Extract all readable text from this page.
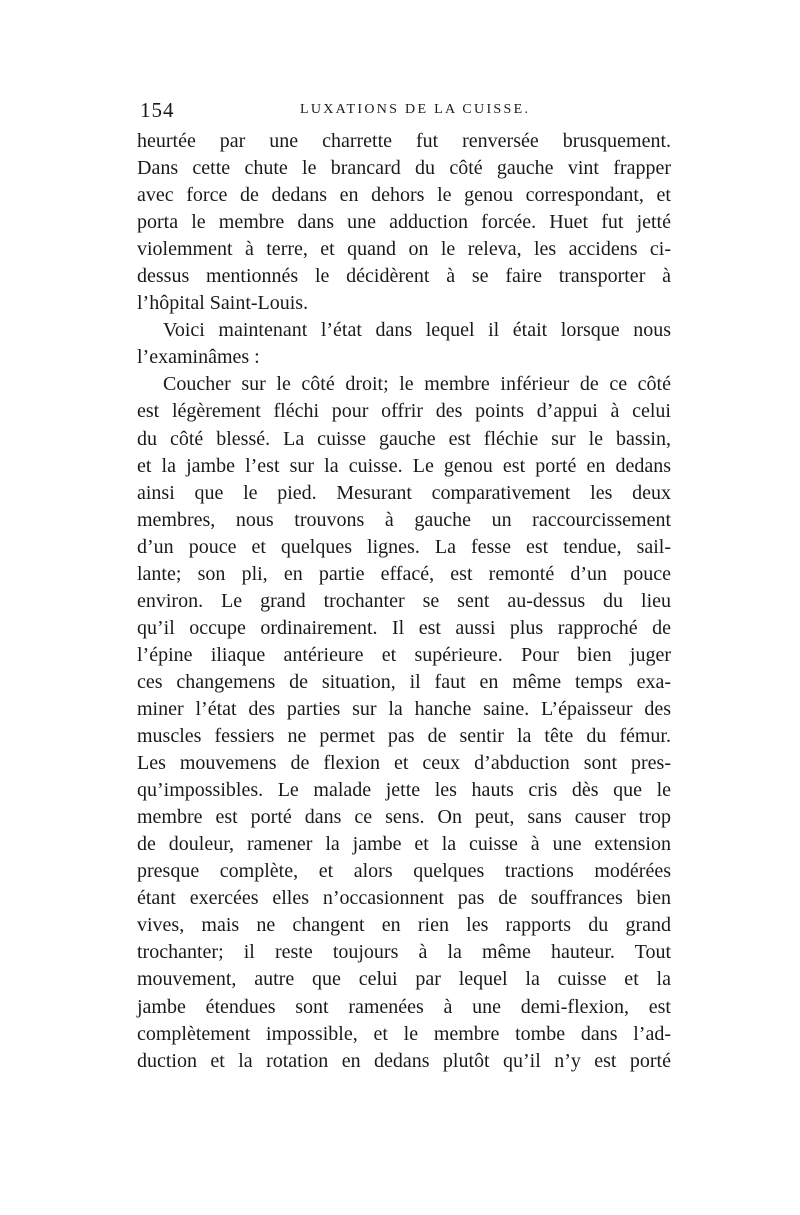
154	LUXATIONS DE LA CUISSE.
heurtée par une charrette fut renversée brusquement.
Dans cette chute le brancard du côté gauche vint frapper
avec force de dedans en dehors le genou correspondant, et
porta le membre dans une adduction forcée. Huet fut jetté
violemment à terre, et quand on le releva, les accidens ci-
dessus mentionnés le décidèrent à se faire transporter à
l’hôpital Saint-Louis.
Voici maintenant l’état dans lequel il était lorsque nous
l’examinâmes :
Coucher sur le côté droit; le membre inférieur de ce côté
est légèrement fléchi pour offrir des points d’appui à celui
du côté blessé. La cuisse gauche est fléchie sur le bassin,
et la jambe l’est sur la cuisse. Le genou est porté en dedans
ainsi que le pied. Mesurant comparativement les deux
membres, nous trouvons à gauche un raccourcissement
d’un pouce et quelques lignes. La fesse est tendue, sail-
lante; son pli, en partie effacé, est remonté d’un pouce
environ. Le grand trochanter se sent au-dessus du lieu
qu’il occupe ordinairement. Il est aussi plus rapproché de
l’épine iliaque antérieure et supérieure. Pour bien juger
ces changemens de situation, il faut en même temps exa-
miner l’état des parties sur la hanche saine. L’épaisseur des
muscles fessiers ne permet pas de sentir la tête du fémur.
Les mouvemens de flexion et ceux d’abduction sont pres-
qu’impossibles. Le malade jette les hauts cris dès que le
membre est porté dans ce sens. On peut, sans causer trop
de douleur, ramener la jambe et la cuisse à une extension
presque complète, et alors quelques tractions modérées
étant exercées elles n’occasionnent pas de souffrances bien
vives, mais ne changent en rien les rapports du grand
trochanter; il reste toujours à la même hauteur. Tout
mouvement, autre que celui par lequel la cuisse et la
jambe étendues sont ramenées à une demi-flexion, est
complètement impossible, et le membre tombe dans l’ad-
duction et la rotation en dedans plutôt qu’il n’y est porté
